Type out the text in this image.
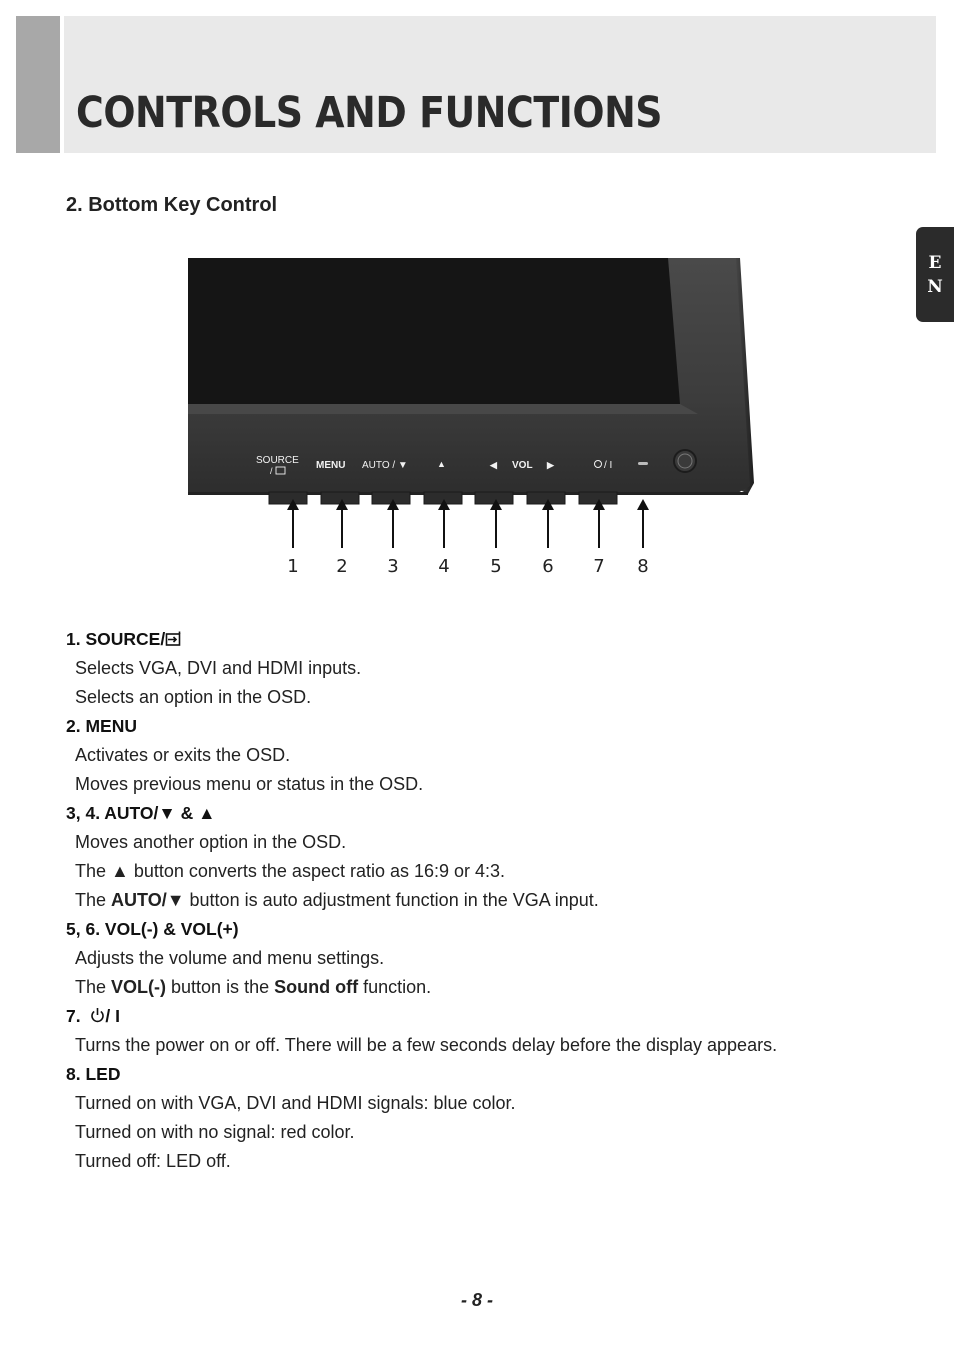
CONTROLS AND FUNCTIONS
E
N
2. Bottom Key Control
SOURCE
/	MENU AUTO / ▼	▲	◀ VOL ▶	/ I
1 2 3 4 5 6 7 8
1. SOURCE/
Selects VGA, DVI and HDMI inputs.
Selects an option in the OSD.
2. MENU
Activates or exits the OSD.
Moves previous menu or status in the OSD.
3, 4. AUTO/▼ & ▲
Moves another option in the OSD.
The ▲ button converts the aspect ratio as 16:9 or 4:3.
The AUTO/▼ button is auto adjustment function in the VGA input.
5, 6. VOL(-) & VOL(+)
Adjusts the volume and menu settings.
The VOL(-) button is the Sound off function.
7. / I
Turns the power on or off. There will be a few seconds delay before the display appears.
8. LED
Turned on with VGA, DVI and HDMI signals: blue color.
Turned on with no signal: red color.
Turned off: LED off.
- 8 -
